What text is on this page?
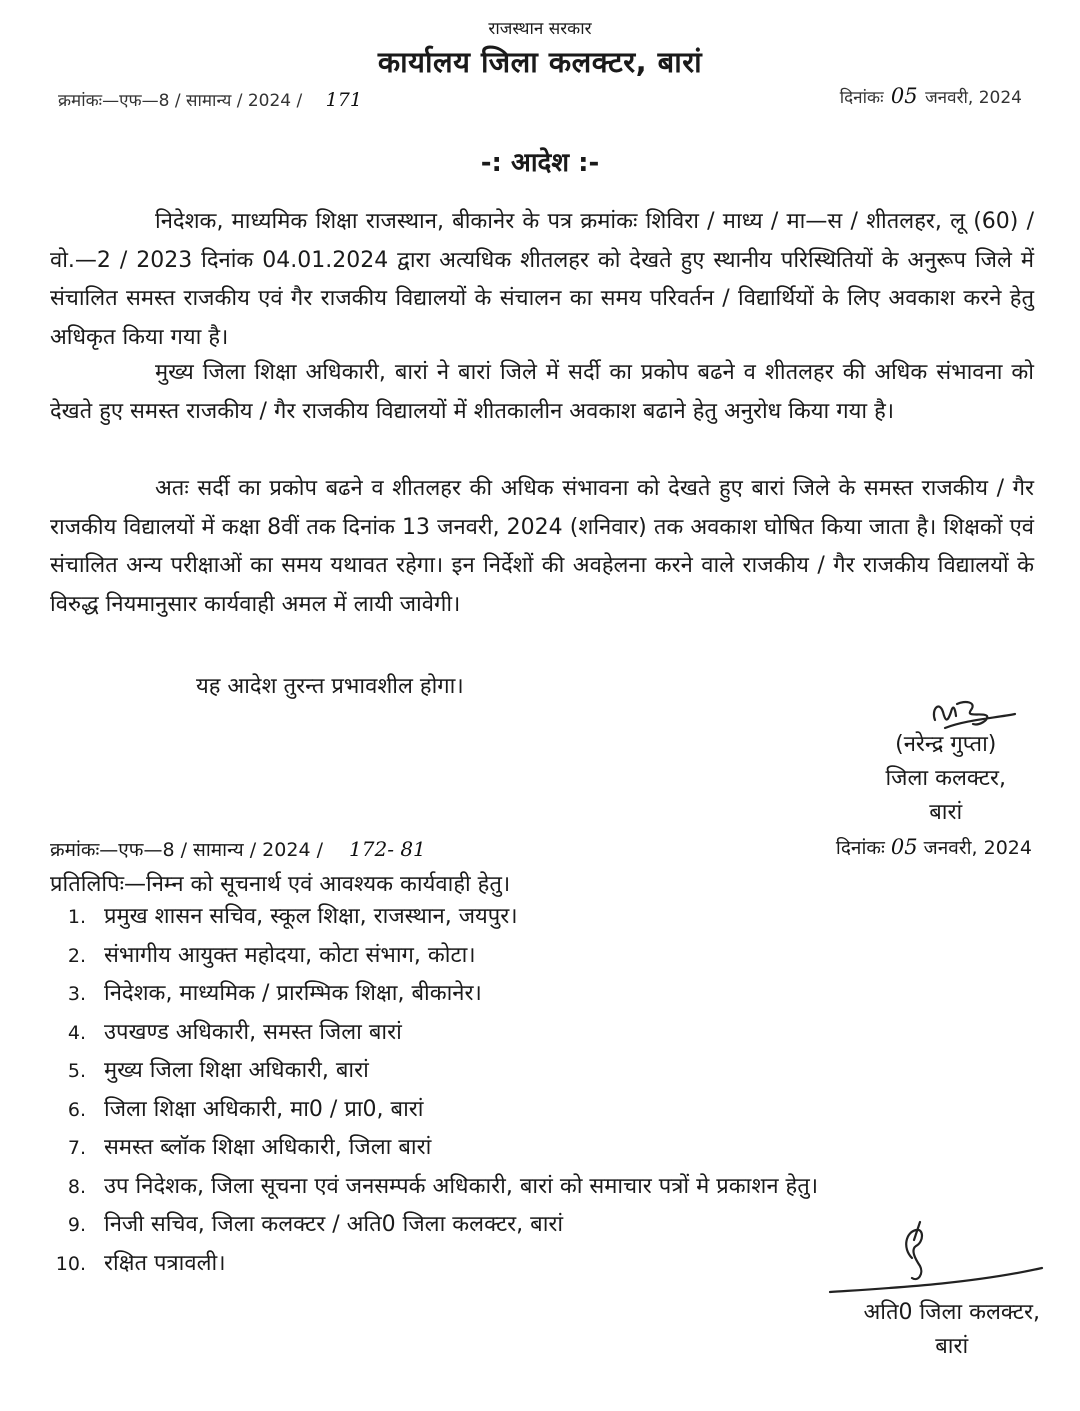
राजस्थान सरकार
कार्यालय जिला कलक्टर, बारां
क्रमांकः—एफ—8 / सामान्य / 2024 / 171	दिनांकः 05 जनवरी, 2024
-: आदेश :-

निदेशक, माध्यमिक शिक्षा राजस्थान, बीकानेर के पत्र क्रमांकः शिविरा / माध्य / मा—स / शीतलहर, लू (60) / वो.—2 / 2023 दिनांक 04.01.2024 द्वारा अत्यधिक शीतलहर को देखते हुए स्थानीय परिस्थितियों के अनुरूप जिले में संचालित समस्त राजकीय एवं गैर राजकीय विद्यालयों के संचालन का समय परिवर्तन / विद्यार्थियों के लिए अवकाश करने हेतु अधिकृत किया गया है।

मुख्य जिला शिक्षा अधिकारी, बारां ने बारां जिले में सर्दी का प्रकोप बढने व शीतलहर की अधिक संभावना को देखते हुए समस्त राजकीय / गैर राजकीय विद्यालयों में शीतकालीन अवकाश बढाने हेतु अनुरोध किया गया है।

अतः सर्दी का प्रकोप बढने व शीतलहर की अधिक संभावना को देखते हुए बारां जिले के समस्त राजकीय / गैर राजकीय विद्यालयों में कक्षा 8वीं तक दिनांक 13 जनवरी, 2024 (शनिवार) तक अवकाश घोषित किया जाता है। शिक्षकों एवं संचालित अन्य परीक्षाओं का समय यथावत रहेगा। इन निर्देशों की अवहेलना करने वाले राजकीय / गैर राजकीय विद्यालयों के विरुद्ध नियमानुसार कार्यवाही अमल में लायी जावेगी।

यह आदेश तुरन्त प्रभावशील होगा।

(नरेन्द्र गुप्ता)
जिला कलक्टर,
बारां
क्रमांकः—एफ—8 / सामान्य / 2024 / 172- 81	दिनांकः 05 जनवरी, 2024
प्रतिलिपिः—निम्न को सूचनार्थ एवं आवश्यक कार्यवाही हेतु।
1. प्रमुख शासन सचिव, स्कूल शिक्षा, राजस्थान, जयपुर।
2. संभागीय आयुक्त महोदया, कोटा संभाग, कोटा।
3. निदेशक, माध्यमिक / प्रारम्भिक शिक्षा, बीकानेर।
4. उपखण्ड अधिकारी, समस्त जिला बारां
5. मुख्य जिला शिक्षा अधिकारी, बारां
6. जिला शिक्षा अधिकारी, मा0 / प्रा0, बारां
7. समस्त ब्लॉक शिक्षा अधिकारी, जिला बारां
8. उप निदेशक, जिला सूचना एवं जनसम्पर्क अधिकारी, बारां को समाचार पत्रों मे प्रकाशन हेतु।
9. निजी सचिव, जिला कलक्टर / अति0 जिला कलक्टर, बारां
10. रक्षित पत्रावली।
अति0 जिला कलक्टर,
बारां
